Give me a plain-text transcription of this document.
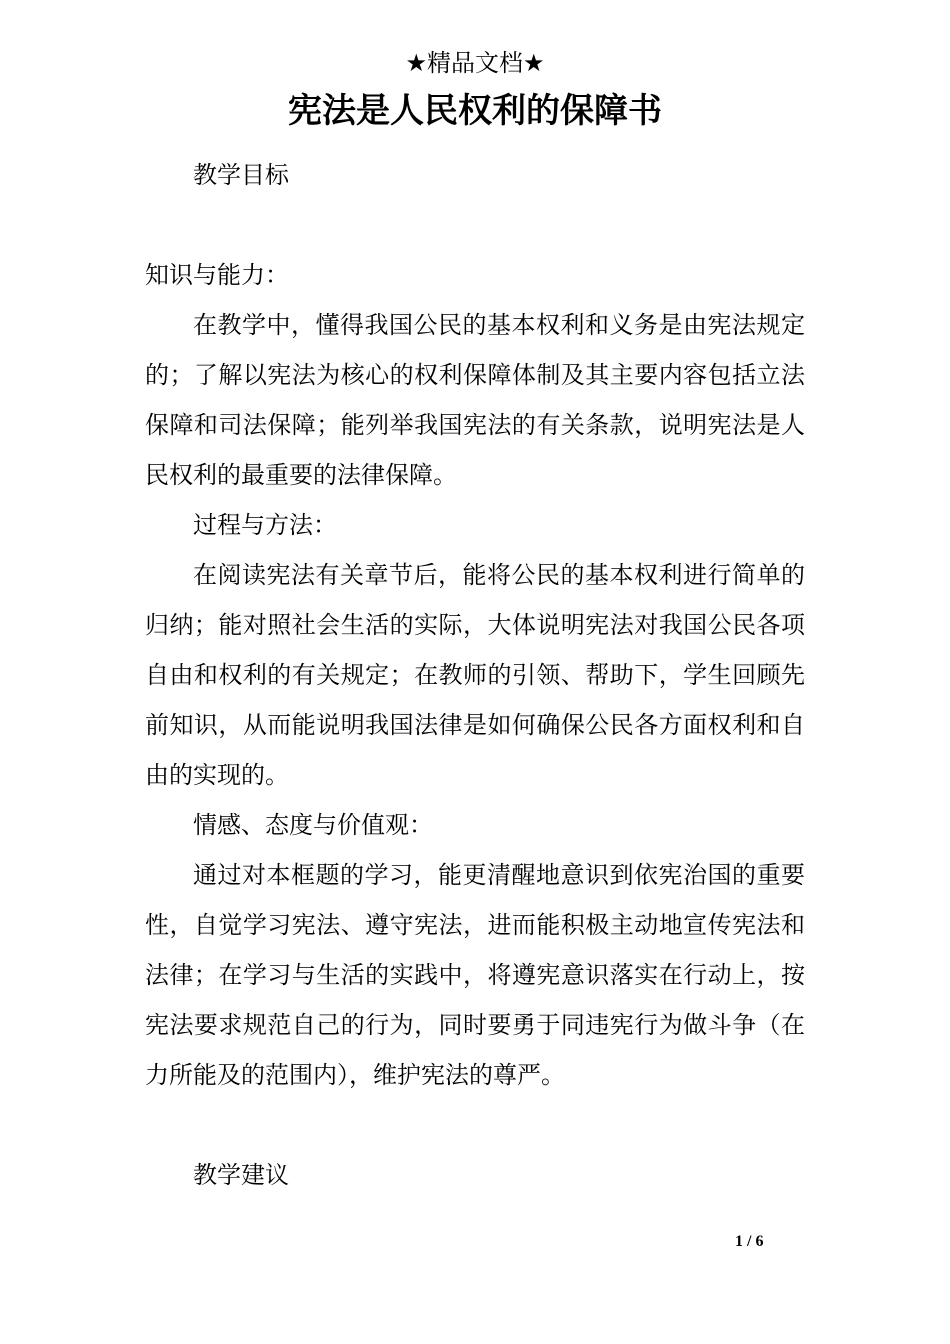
★精品文档★
宪法是人民权利的保障书

教学目标

知识与能力：

在教学中，懂得我国公民的基本权利和义务是由宪法规定的；了解以宪法为核心的权利保障体制及其主要内容包括立法保障和司法保障；能列举我国宪法的有关条款，说明宪法是人民权利的最重要的法律保障。

过程与方法：

在阅读宪法有关章节后，能将公民的基本权利进行简单的归纳；能对照社会生活的实际，大体说明宪法对我国公民各项自由和权利的有关规定；在教师的引领、帮助下，学生回顾先前知识，从而能说明我国法律是如何确保公民各方面权利和自由的实现的。

情感、态度与价值观：

通过对本框题的学习，能更清醒地意识到依宪治国的重要性，自觉学习宪法、遵守宪法，进而能积极主动地宣传宪法和法律；在学习与生活的实践中，将遵宪意识落实在行动上，按宪法要求规范自己的行为，同时要勇于同违宪行为做斗争（在力所能及的范围内），维护宪法的尊严。

教学建议

1 / 6
